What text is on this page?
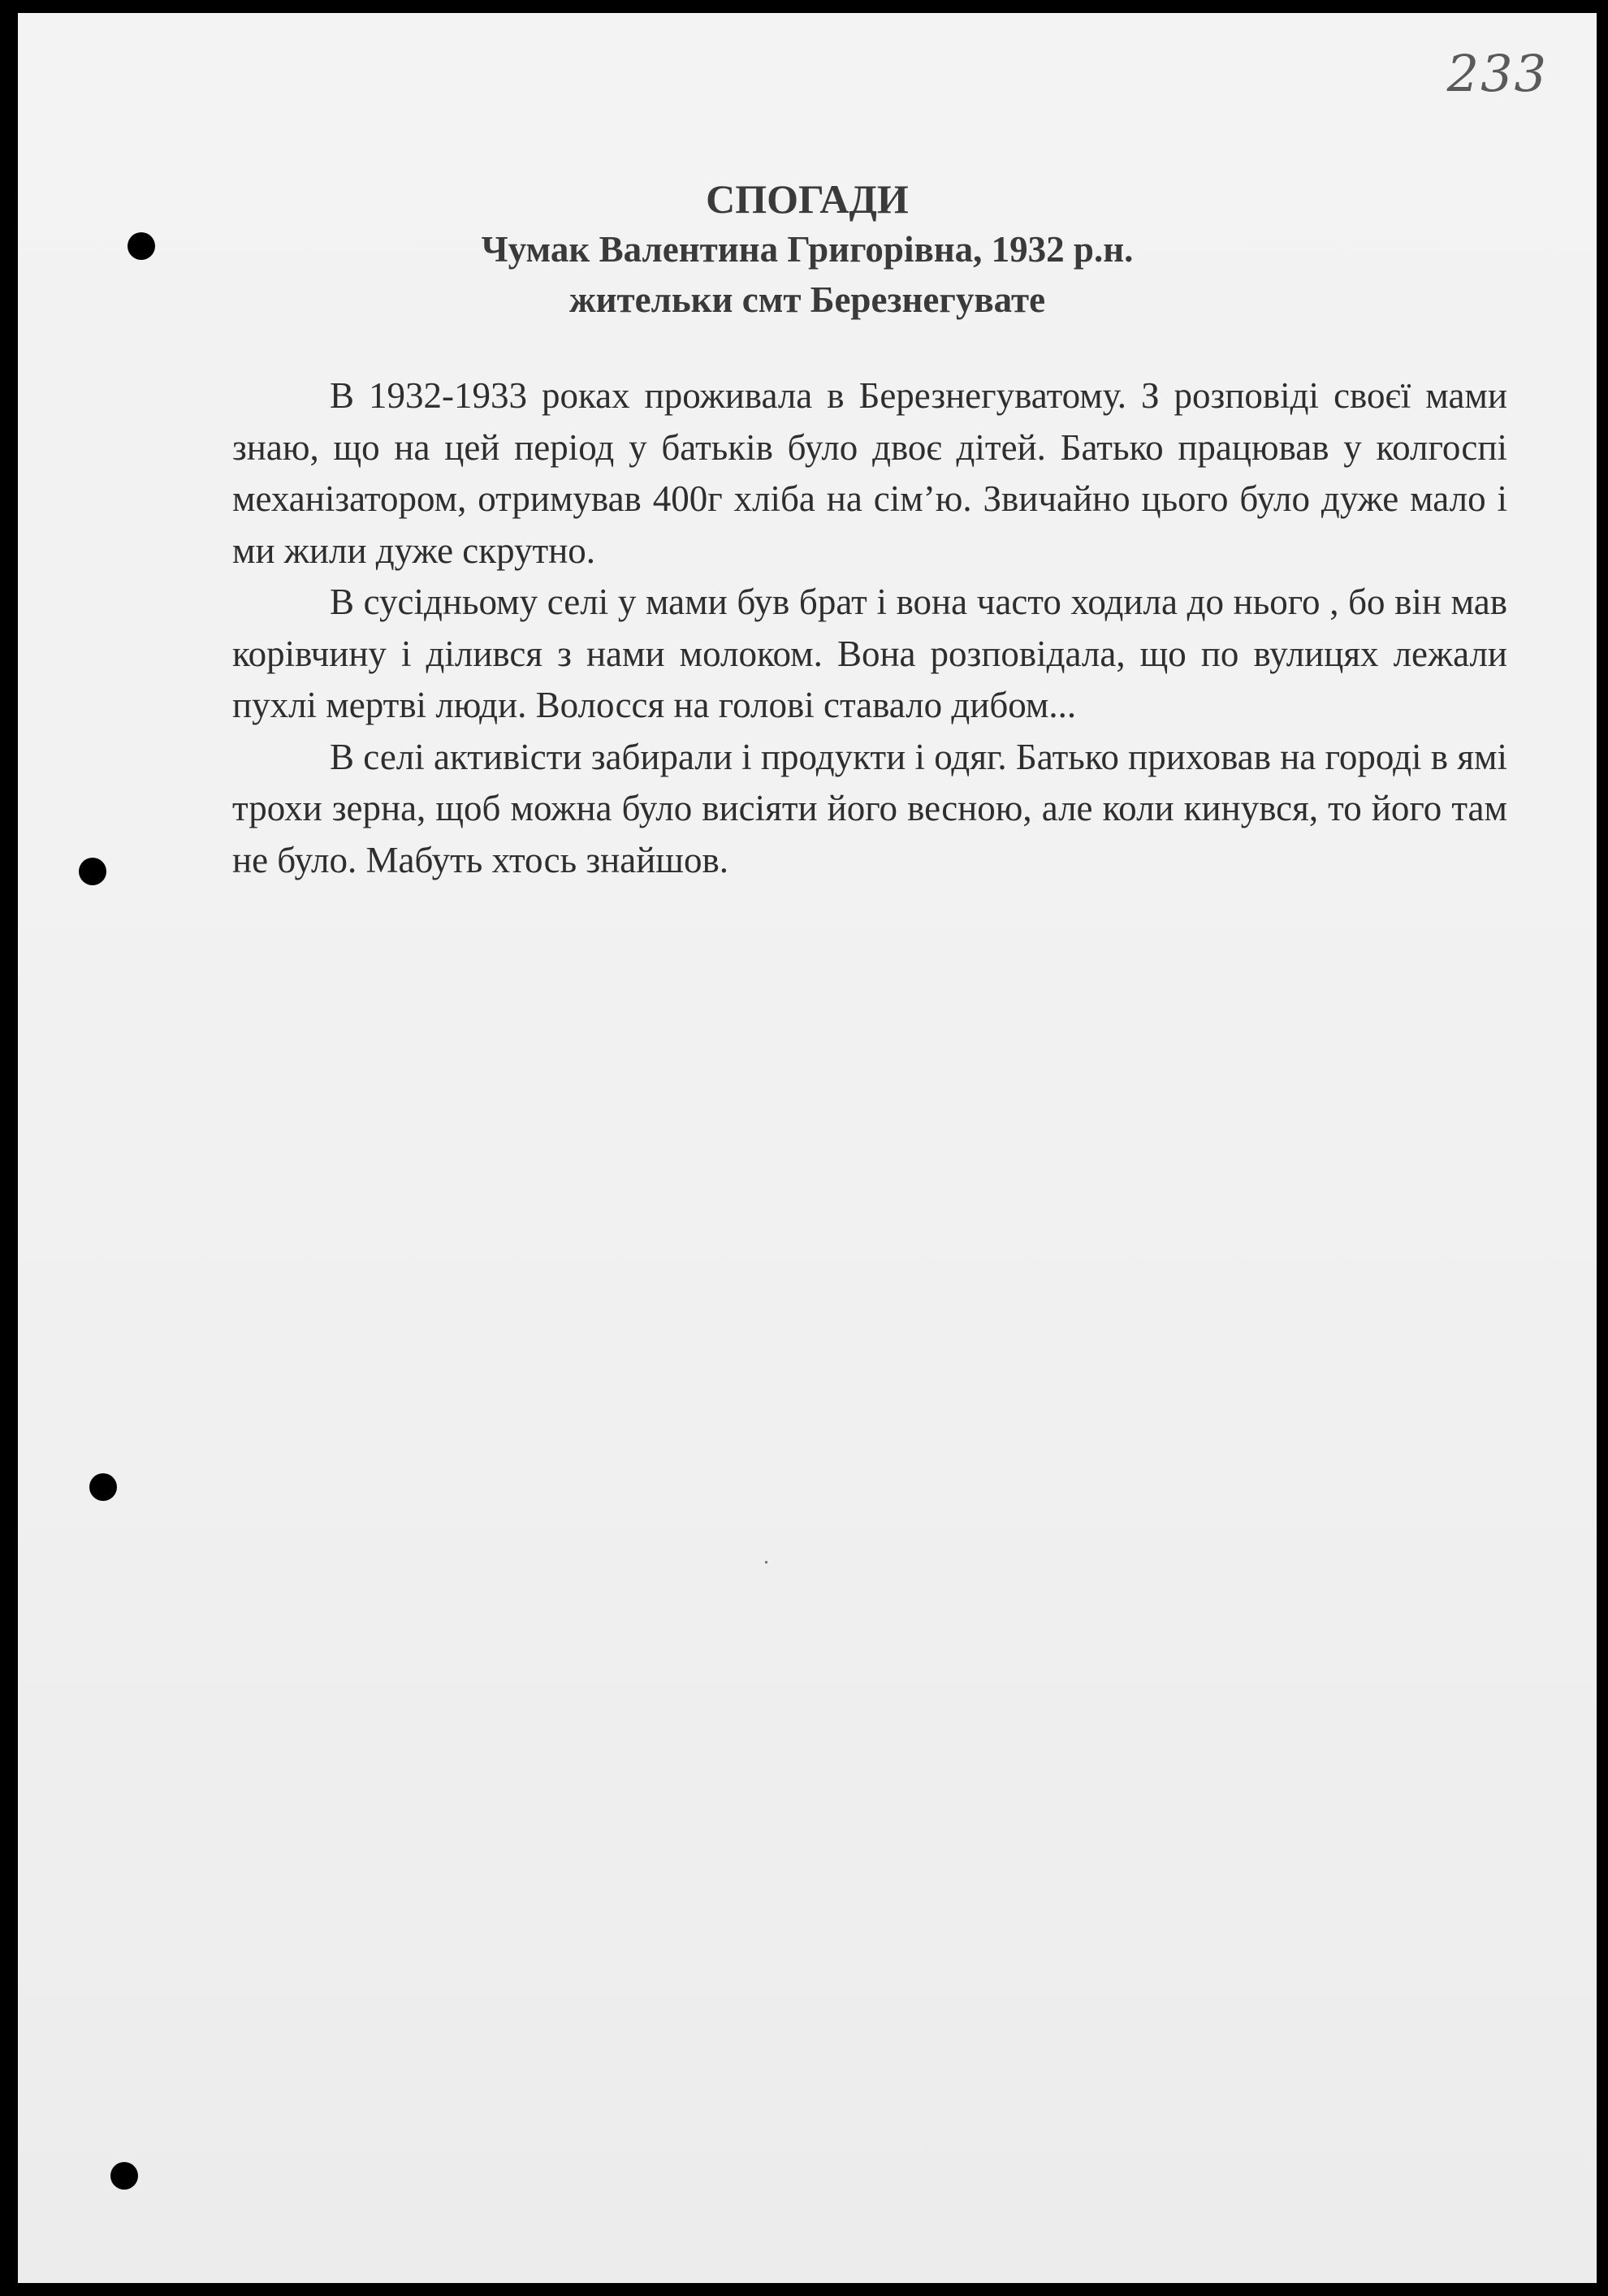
233
СПОГАДИ
Чумак Валентина Григорівна, 1932 р.н.
жительки смт Березнегувате

В 1932-1933 роках проживала в Березнегуватому. З розповіді своєї мами знаю, що на цей період у батьків було двоє дітей. Батько працював у колгоспі механізатором, отримував 400г хліба на сім’ю. Звичайно цього було дуже мало і ми жили дуже скрутно.

В сусідньому селі у мами був брат і вона часто ходила до нього , бо він мав корівчину і ділився з нами молоком. Вона розповідала, що по вулицях лежали пухлі мертві люди. Волосся на голові ставало дибом...

В селі активісти забирали і продукти і одяг. Батько приховав на городі в ямі трохи зерна, щоб можна було висіяти його весною, але коли кинувся, то його там не було. Мабуть хтось знайшов.
